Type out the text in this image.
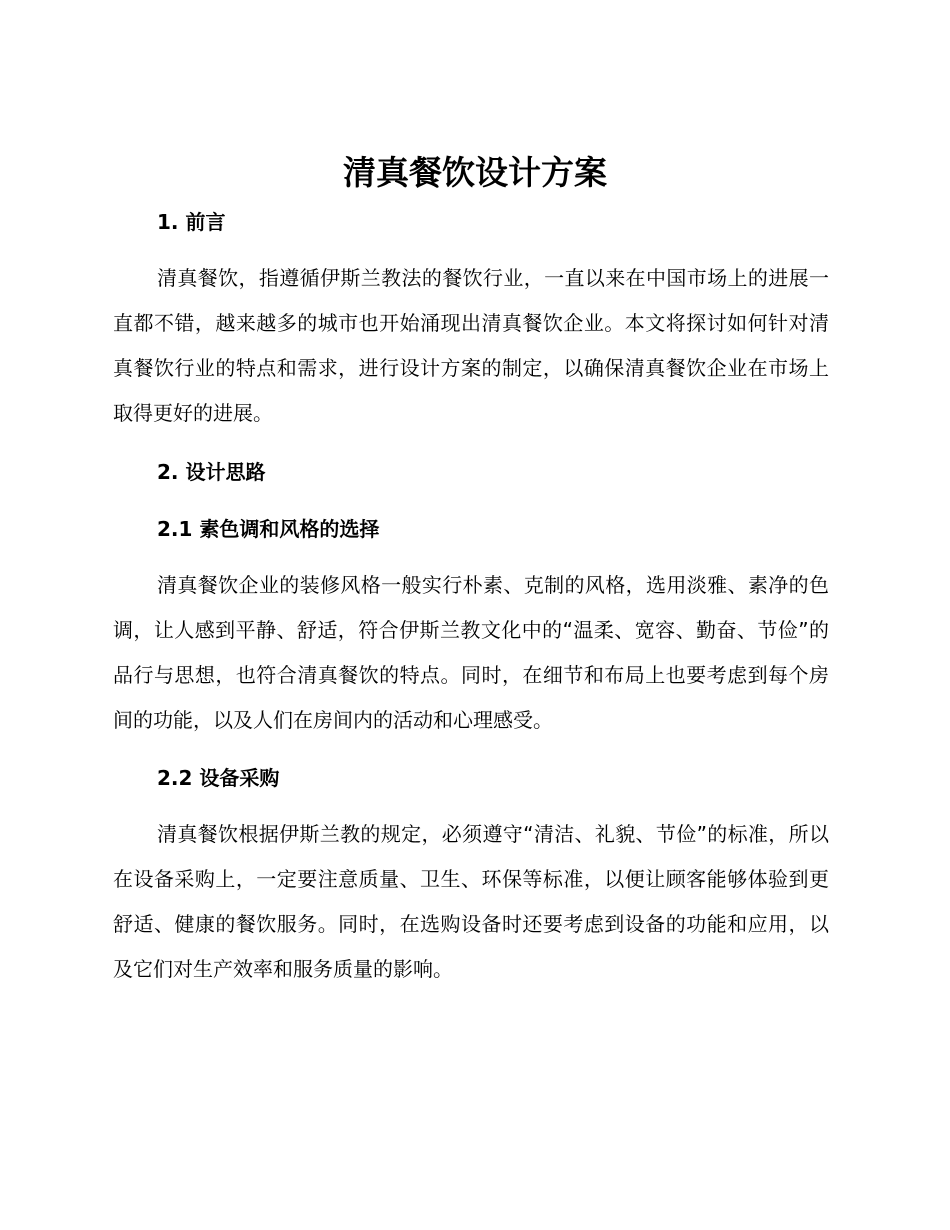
清真餐饮设计方案
1. 前言

清真餐饮，指遵循伊斯兰教法的餐饮行业，一直以来在中国市场上的进展一直都不错，越来越多的城市也开始涌现出清真餐饮企业。本文将探讨如何针对清真餐饮行业的特点和需求，进行设计方案的制定，以确保清真餐饮企业在市场上取得更好的进展。

2. 设计思路
2.1 素色调和风格的选择

清真餐饮企业的装修风格一般实行朴素、克制的风格，选用淡雅、素净的色调，让人感到平静、舒适，符合伊斯兰教文化中的“温柔、宽容、勤奋、节俭”的品行与思想，也符合清真餐饮的特点。同时，在细节和布局上也要考虑到每个房间的功能，以及人们在房间内的活动和心理感受。

2.2 设备采购

清真餐饮根据伊斯兰教的规定，必须遵守“清洁、礼貌、节俭”的标准，所以在设备采购上，一定要注意质量、卫生、环保等标准，以便让顾客能够体验到更舒适、健康的餐饮服务。同时，在选购设备时还要考虑到设备的功能和应用，以及它们对生产效率和服务质量的影响。
